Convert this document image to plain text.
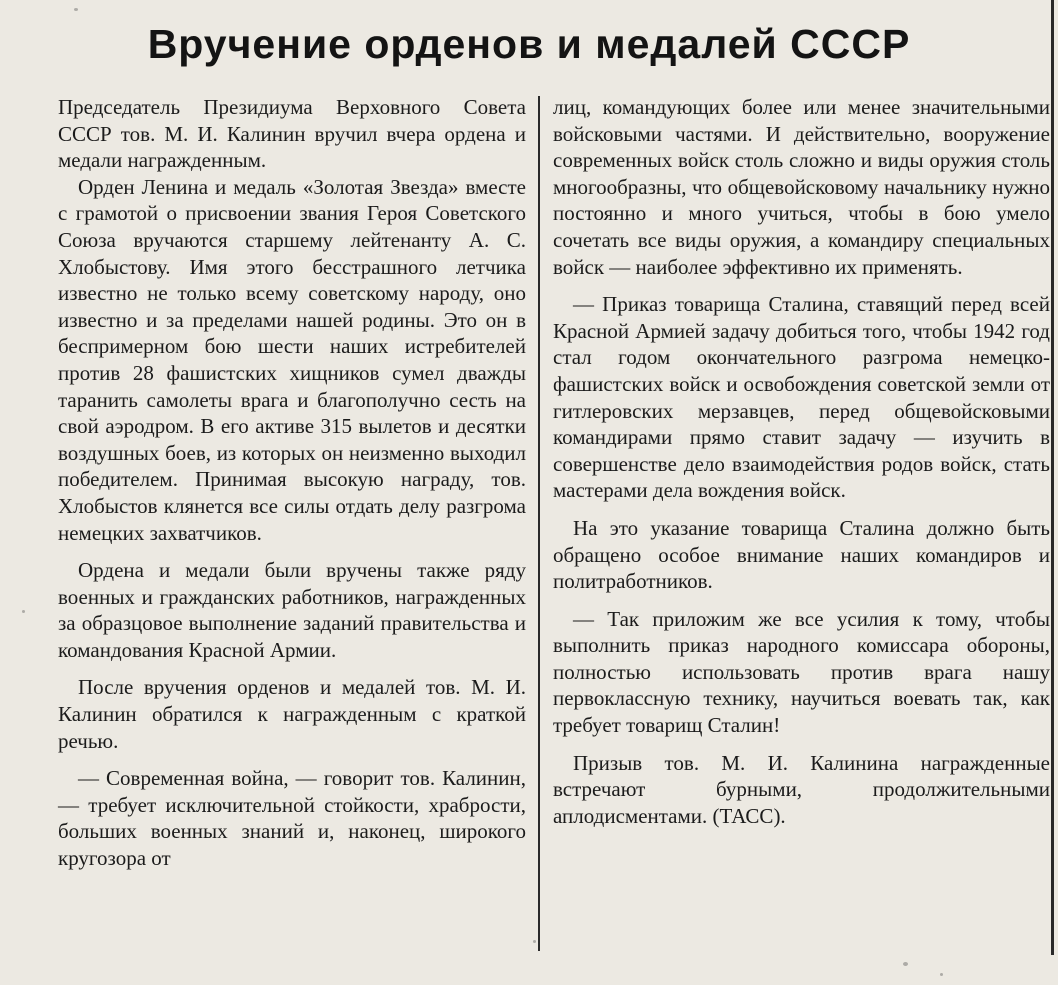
Вручение орденов и медалей СССР

Председатель Президиума Верховного Совета СССР тов. М. И. Калинин вручил вчера ордена и медали награжденным.

Орден Ленина и медаль «Золотая Звезда» вместе с грамотой о присвоении звания Героя Советского Союза вручаются старшему лейтенанту А. С. Хлобыстову. Имя этого бесстрашного летчика известно не только всему советскому народу, оно известно и за пределами нашей родины. Это он в беспримерном бою шести наших истребителей против 28 фашистских хищников сумел дважды таранить самолеты врага и благополучно сесть на свой аэродром. В его активе 315 вылетов и десятки воздушных боев, из которых он неизменно выходил победителем. Принимая высокую награду, тов. Хлобыстов клянется все силы отдать делу разгрома немецких захватчиков.

Ордена и медали были вручены также ряду военных и гражданских работников, награжденных за образцовое выполнение заданий правительства и командования Красной Армии.

После вручения орденов и медалей тов. М. И. Калинин обратился к награжденным с краткой речью.

— Современная война, — говорит тов. Калинин, — требует исключительной стойкости, храбрости, больших военных знаний и, наконец, широкого кругозора от

лиц, командующих более или менее значительными войсковыми частями. И действительно, вооружение современных войск столь сложно и виды оружия столь многообразны, что общевойсковому начальнику нужно постоянно и много учиться, чтобы в бою умело сочетать все виды оружия, а командиру специальных войск — наиболее эффективно их применять.

— Приказ товарища Сталина, ставящий перед всей Красной Армией задачу добиться того, чтобы 1942 год стал годом окончательного разгрома немецко-фашистских войск и освобождения советской земли от гитлеровских мерзавцев, перед общевойсковыми командирами прямо ставит задачу — изучить в совершенстве дело взаимодействия родов войск, стать мастерами дела вождения войск.

На это указание товарища Сталина должно быть обращено особое внимание наших командиров и политработников.

— Так приложим же все усилия к тому, чтобы выполнить приказ народного комиссара обороны, полностью использовать против врага нашу первоклассную технику, научиться воевать так, как требует товарищ Сталин!

Призыв тов. М. И. Калинина награжденные встречают бурными, продолжительными аплодисментами. (ТАСС).
